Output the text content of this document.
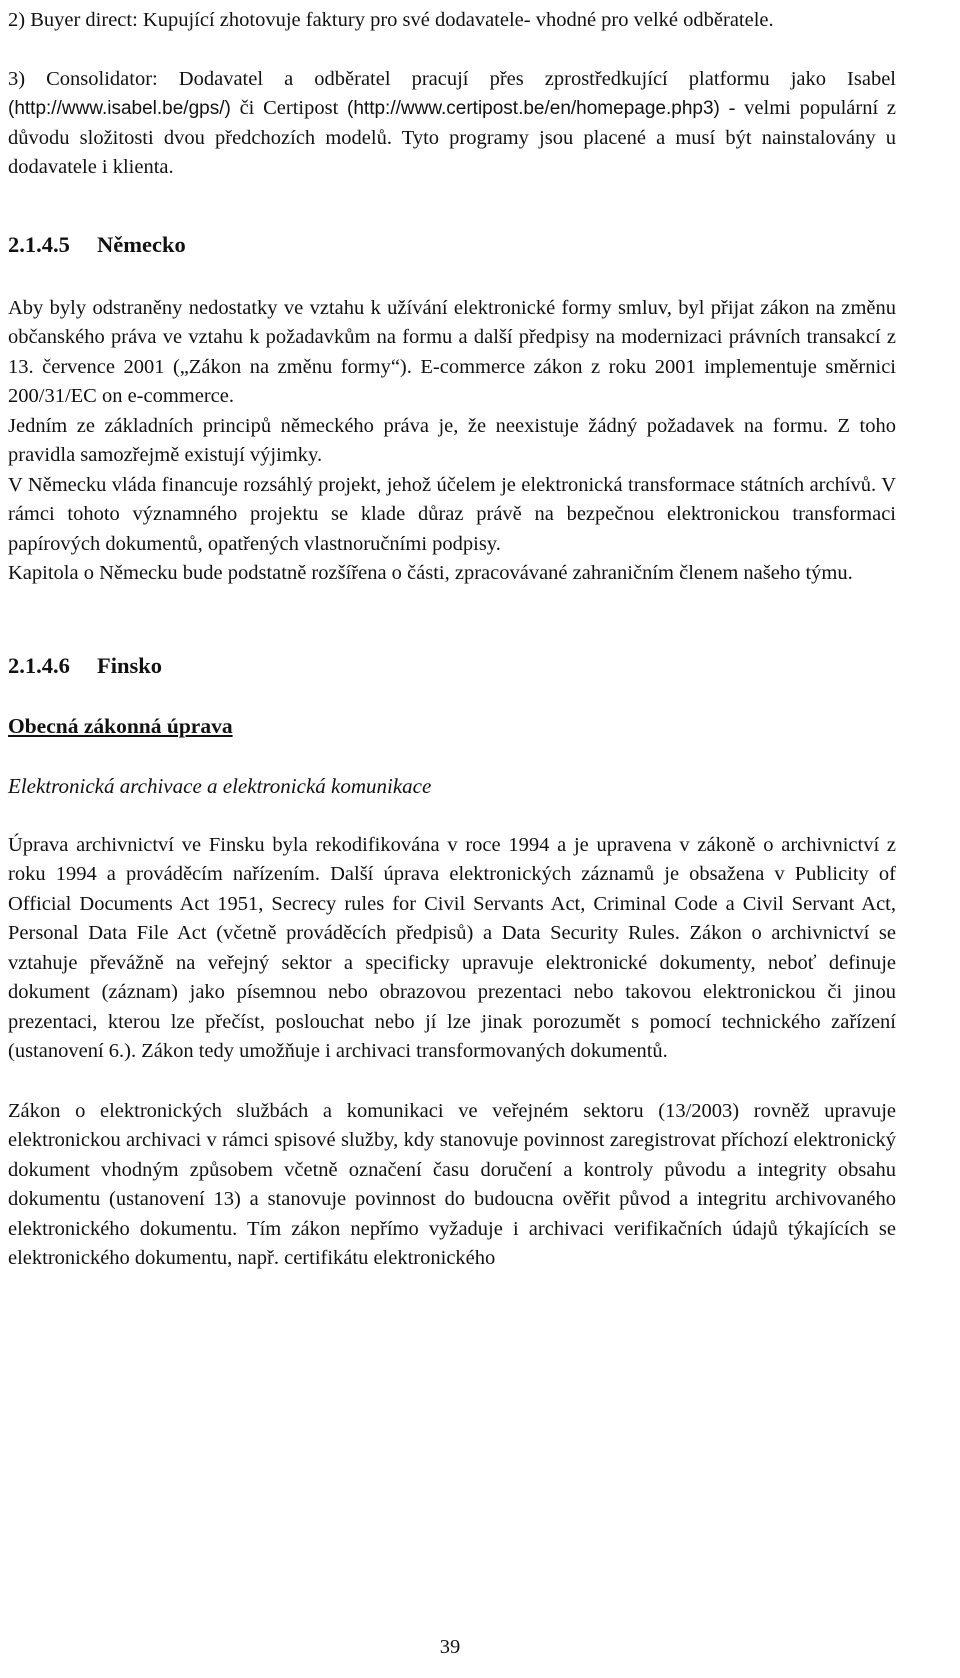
2) Buyer direct: Kupující zhotovuje faktury pro své dodavatele- vhodné pro velké odběratele.

3) Consolidator: Dodavatel a odběratel pracují přes zprostředkující platformu jako Isabel (http://www.isabel.be/gps/) či Certipost (http://www.certipost.be/en/homepage.php3) - velmi populární z důvodu složitosti dvou předchozích modelů. Tyto programy jsou placené a musí být nainstalovány u dodavatele i klienta.

2.1.4.5 Německo

Aby byly odstraněny nedostatky ve vztahu k užívání elektronické formy smluv, byl přijat zákon na změnu občanského práva ve vztahu k požadavkům na formu a další předpisy na modernizaci právních transakcí z 13. července 2001 („Zákon na změnu formy“). E-commerce zákon z roku 2001 implementuje směrnici 200/31/EC on e-commerce.

Jedním ze základních principů německého práva je, že neexistuje žádný požadavek na formu. Z toho pravidla samozřejmě existují výjimky.

V Německu vláda financuje rozsáhlý projekt, jehož účelem je elektronická transformace státních archívů. V rámci tohoto významného projektu se klade důraz právě na bezpečnou elektronickou transformaci papírových dokumentů, opatřených vlastnoručními podpisy.

Kapitola o Německu bude podstatně rozšířena o části, zpracovávané zahraničním členem našeho týmu.

2.1.4.6 Finsko
Obecná zákonná úprava
Elektronická archivace a elektronická komunikace

Úprava archivnictví ve Finsku byla rekodifikována v roce 1994 a je upravena v zákoně o archivnictví z roku 1994 a prováděcím nařízením. Další úprava elektronických záznamů je obsažena v Publicity of Official Documents Act 1951, Secrecy rules for Civil Servants Act, Criminal Code a Civil Servant Act, Personal Data File Act (včetně prováděcích předpisů) a Data Security Rules. Zákon o archivnictví se vztahuje převážně na veřejný sektor a specificky upravuje elektronické dokumenty, neboť definuje dokument (záznam) jako písemnou nebo obrazovou prezentaci nebo takovou elektronickou či jinou prezentaci, kterou lze přečíst, poslouchat nebo jí lze jinak porozumět s pomocí technického zařízení (ustanovení 6.). Zákon tedy umožňuje i archivaci transformovaných dokumentů.

Zákon o elektronických službách a komunikaci ve veřejném sektoru (13/2003) rovněž upravuje elektronickou archivaci v rámci spisové služby, kdy stanovuje povinnost zaregistrovat příchozí elektronický dokument vhodným způsobem včetně označení času doručení a kontroly původu a integrity obsahu dokumentu (ustanovení 13) a stanovuje povinnost do budoucna ověřit původ a integritu archivovaného elektronického dokumentu. Tím zákon nepřímo vyžaduje i archivaci verifikačních údajů týkajících se elektronického dokumentu, např. certifikátu elektronického

39
